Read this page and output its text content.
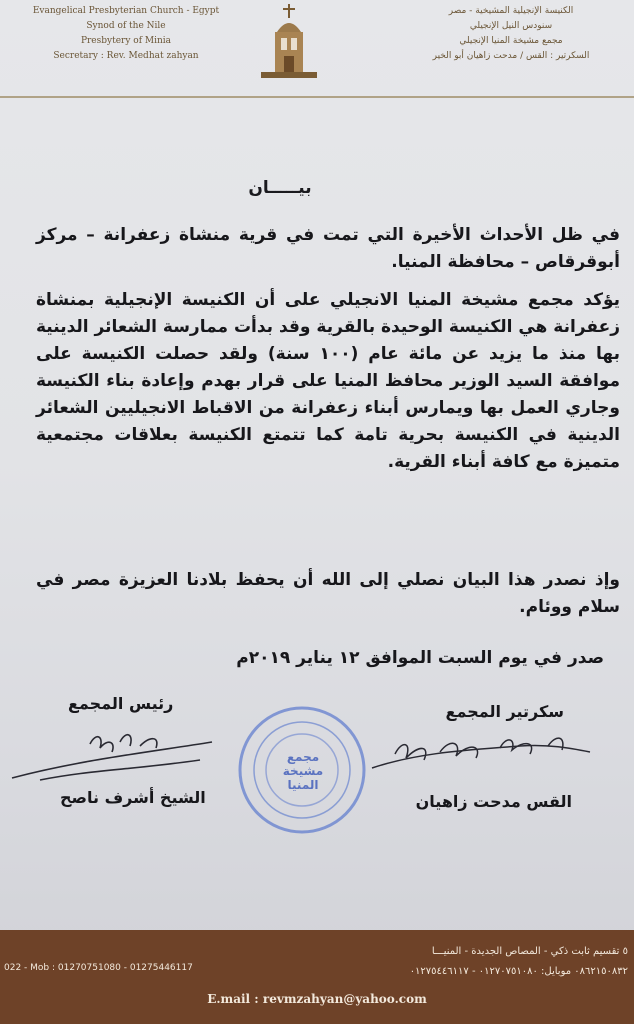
Evangelical Presbyterian Church - Egypt
Synod of the Nile
Presbytery of Minia
Secretary : Rev. Medhat zahyan
الكنيسة الإنجيلية المشيخية - مصر
سنودس النيل الإنجيلي
مجمع مشيخة المنيا الإنجيلي
السكرتير : القس / مدحت زاهيان أبو الخير
بيـــــان
في ظل الأحداث الأخيرة التي تمت في قرية منشاة زعفرانة – مركز أبوقرقاص – محافظة المنيا.
يؤكد مجمع مشيخة المنيا الانجيلي على أن الكنيسة الإنجيلية بمنشاة زعفرانة هي الكنيسة الوحيدة بالقرية وقد بدأت ممارسة الشعائر الدينية بها منذ ما يزيد عن مائة عام (١٠٠ سنة) ولقد حصلت الكنيسة على موافقة السيد الوزير محافظ المنيا على قرار بهدم وإعادة بناء الكنيسة وجاري العمل بها ويمارس أبناء زعفرانة من الاقباط الانجيليين الشعائر الدينية في الكنيسة بحرية تامة كما تتمتع الكنيسة بعلاقات مجتمعية متميزة مع كافة أبناء القرية.
وإذ نصدر هذا البيان نصلي إلى الله أن يحفظ بلادنا العزيزة مصر في سلام ووئام.
صدر في يوم السبت الموافق ١٢ يناير ٢٠١٩م
سكرتير المجمع
رئيس المجمع
مجمع مشيخة المنيا
القس مدحت زاهيان
الشيخ أشرف ناصح
٥ تقسيم ثابت ذكي - المصاص الجديدة - المنيـــا
٠٨٦٢١٥٠٨٣٢ موبايل: ٠١٢٧٠٧٥١٠٨٠ - ٠١٢٧٥٤٤٦١١٧
022 - Mob : 01270751080 - 01275446117
E.mail : revmzahyan@yahoo.com
